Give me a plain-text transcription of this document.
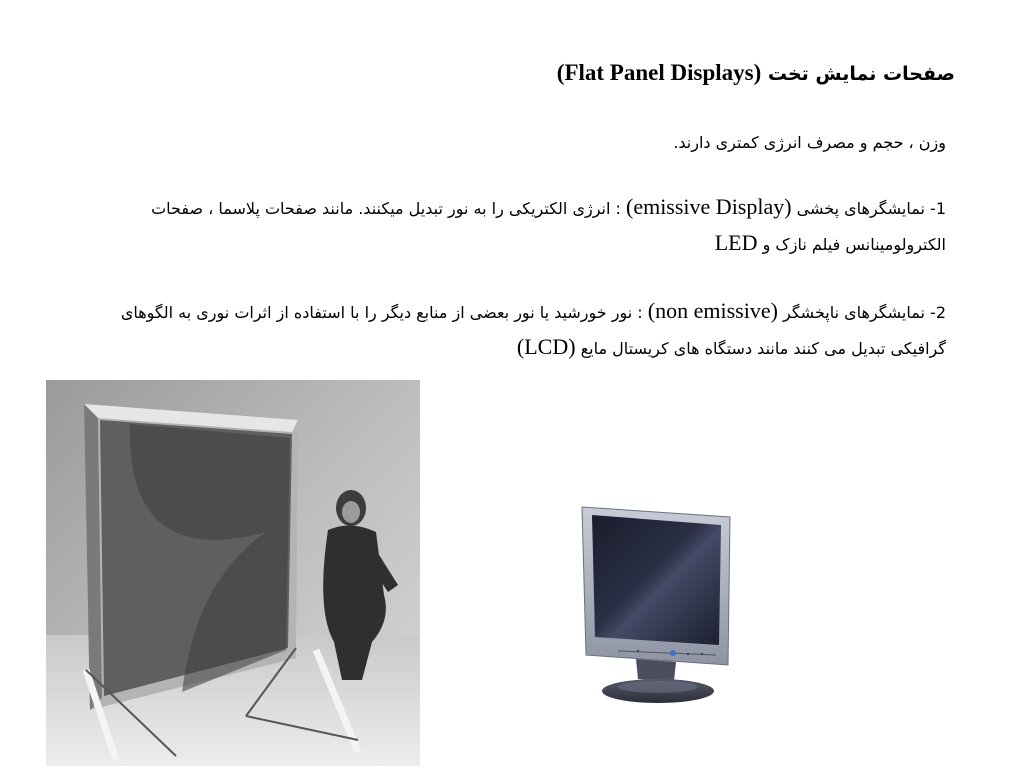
صفحات نمایش تخت (Flat Panel Displays)
وزن ، حجم و مصرف انرژی کمتری دارند.
1- نمایشگرهای پخشی (emissive Display) : انرژی الکتریکی را به نور تبدیل میکنند. مانند صفحات پلاسما ، صفحات الکترولومینانس فیلم نازک و LED
2- نمایشگرهای ناپخشگر (non emissive) : نور خورشید یا نور بعضی از منابع دیگر را با استفاده از اثرات نوری به الگوهای گرافیکی تبدیل می کنند مانند دستگاه های کریستال مایع (LCD)
